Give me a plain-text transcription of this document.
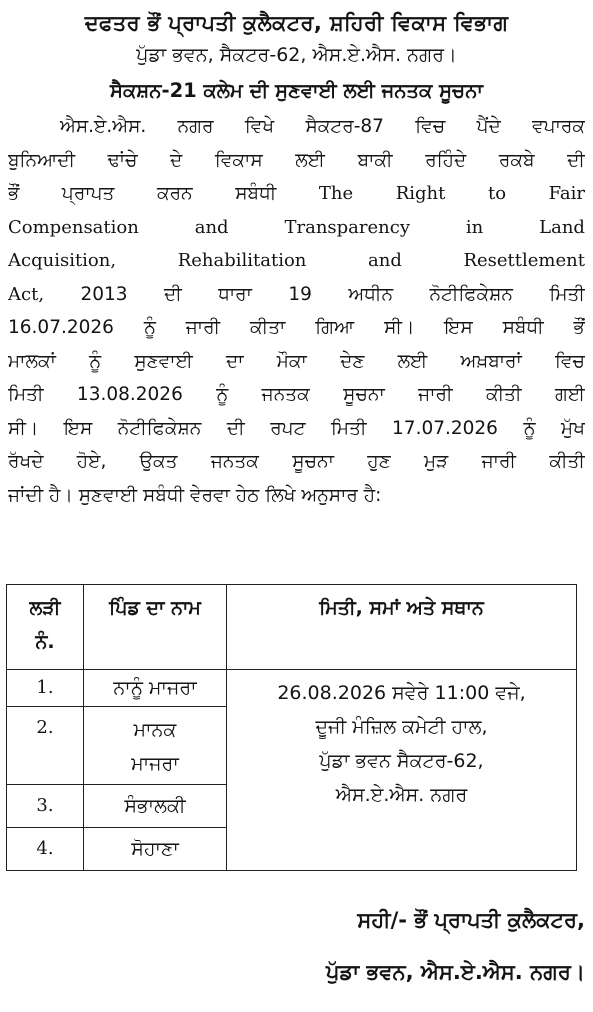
ਦਫਤਰ ਭੌਂ ਪ੍ਰਾਪਤੀ ਕੁਲੈਕਟਰ, ਸ਼ਹਿਰੀ ਵਿਕਾਸ ਵਿਭਾਗ
ਪੁੱਡਾ ਭਵਨ, ਸੈਕਟਰ-62, ਐਸ.ਏ.ਐਸ. ਨਗਰ।
ਸੈਕਸ਼ਨ-21 ਕਲੇਮ ਦੀ ਸੁਣਵਾਈ ਲਈ ਜਨਤਕ ਸੂਚਨਾ
ਐਸ.ਏ.ਐਸ. ਨਗਰ ਵਿਖੇ ਸੈਕਟਰ-87 ਵਿਚ ਪੈਂਦੇ ਵਪਾਰਕ
ਬੁਨਿਆਦੀ ਢਾਂਚੇ ਦੇ ਵਿਕਾਸ ਲਈ ਬਾਕੀ ਰਹਿੰਦੇ ਰਕਬੇ ਦੀ
ਭੌਂ ਪ੍ਰਾਪਤ ਕਰਨ ਸਬੰਧੀ The Right to Fair
Compensation	and	Transparency	in	Land
Acquisition,	Rehabilitation	and	Resettlement
Act, 2013 ਦੀ ਧਾਰਾ 19 ਅਧੀਨ ਨੋਟੀਫਿਕੇਸ਼ਨ ਮਿਤੀ
16.07.2026 ਨੂੰ ਜਾਰੀ ਕੀਤਾ ਗਿਆ ਸੀ। ਇਸ ਸਬੰਧੀ ਭੌਂ
ਮਾਲਕਾਂ ਨੂੰ ਸੁਣਵਾਈ ਦਾ ਮੌਕਾ ਦੇਣ ਲਈ ਅਖ਼ਬਾਰਾਂ ਵਿਚ
ਮਿਤੀ 13.08.2026 ਨੂੰ ਜਨਤਕ ਸੂਚਨਾ ਜਾਰੀ ਕੀਤੀ ਗਈ
ਸੀ। ਇਸ ਨੋਟੀਫਿਕੇਸ਼ਨ ਦੀ ਰਪਟ ਮਿਤੀ 17.07.2026 ਨੂੰ ਮੁੱਖ
ਰੱਖਦੇ ਹੋਏ, ਉਕਤ ਜਨਤਕ ਸੂਚਨਾ ਹੁਣ ਮੁੜ ਜਾਰੀ ਕੀਤੀ
ਜਾਂਦੀ ਹੈ। ਸੁਣਵਾਈ ਸਬੰਧੀ ਵੇਰਵਾ ਹੇਠ ਲਿਖੇ ਅਨੁਸਾਰ ਹੈ:
ਲੜੀ ਨੰ.	ਪਿੰਡ ਦਾ ਨਾਮ	ਮਿਤੀ, ਸਮਾਂ ਅਤੇ ਸਥਾਨ
1.	ਨਾਨੂੰ ਮਾਜਰਾ	26.08.2026 ਸਵੇਰੇ 11:00 ਵਜੇ,
ਦੂਜੀ ਮੰਜ਼ਿਲ ਕਮੇਟੀ ਹਾਲ,
ਪੁੱਡਾ ਭਵਨ ਸੈਕਟਰ-62,
ਐਸ.ਏ.ਐਸ. ਨਗਰ

2.	ਮਾਨਕ ਮਾਜਰਾ	
3.	ਸੰਭਾਲਕੀ	
4.	ਸੋਹਾਣਾ	
ਸਹੀ/- ਭੌਂ ਪ੍ਰਾਪਤੀ ਕੁਲੈਕਟਰ,
ਪੁੱਡਾ ਭਵਨ, ਐਸ.ਏ.ਐਸ. ਨਗਰ।
